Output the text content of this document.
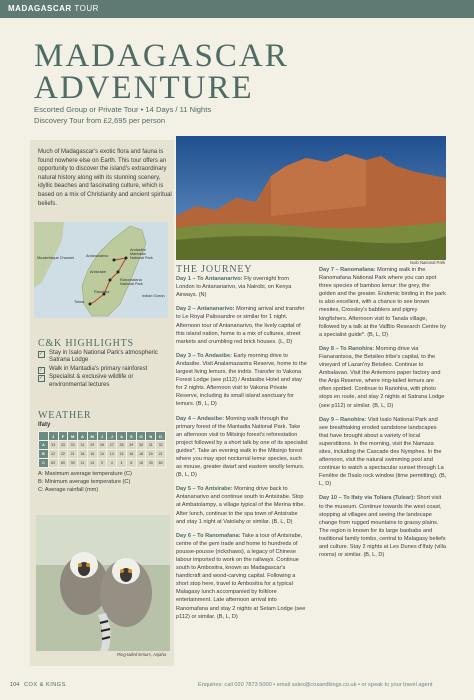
MADAGASCAR TOUR
MADAGASCAR
ADVENTURE
Escorted Group or Private Tour • 14 Days / 11 Nights
Discovery Tour from £2,695 per person
Much of Madagascar's exotic flora and fauna is found nowhere else on Earth. This tour offers an opportunity to discover the island's extraordinary natural history along with its stunning scenery, idyllic beaches and fascinating culture, which is based on a mix of Christianity and ancient spiritual beliefs.
Mozambique Channel
Indian Ocean
Antananarivo
Andasibe Mantadia National Park
Antsirabe
Ranomafana National Park
Ranohira
Tulear
C&K HIGHLIGHTS
✓ Stay in Isalo National Park's atmospheric Satrana Lodge
✓ Walk in Mantadia's primary rainforest
✓ Specialist & exclusive wildlife or environmental lectures
WEATHER
Ifaty
	J	F	M	A	M	J	J	A	S	O	N	D
A	33	33	33	31	29	28	27	28	29	30	31	32
B	22	22	21	18	16	14	14	15	16	18	20	21
C	83	89	39	11	14	9	4	4	8	16	30	60
A: Maximum average temperature (C)
B: Minimum average temperature (C)
C: Average rainfall (mm)
Ring-tailed lemurs, Anjaha
Isalo National Park
THE JOURNEY
Day 1 – To Antananarivo: Fly overnight from London to Antananarivo, via Nairobi, on Kenya Airways. (N)
Day 2 – Antananarivo: Morning arrival and transfer to Le Royal Palissandre or similar for 1 night. Afternoon tour of Antananarivo, the lively capital of this island nation, home to a mix of cultures, street markets and crumbling red brick houses. (L, D)
Day 3 – To Andasibe: Early morning drive to Andasibe. Visit Analamazaotra Reserve, home to the largest living lemurs, the indris. Transfer to Vakona Forest Lodge (see p112) / Andasibe Hotel and stay for 2 nights. Afternoon visit to Vakona Private Reserve, including its small island sanctuary for lemurs. (B, L, D)
Day 4 – Andasibe: Morning walk through the primary forest of the Mantadia National Park. Take an afternoon visit to Mitsinjo forest's reforestation project followed by a short talk by one of its specialist guides*. Take an evening walk in the Mitsinjo forest where you may spot nocturnal lemur species, such as mouse, greater dwarf and eastern woolly lemurs. (B, L, D)
Day 5 – To Antsirabe: Morning drive back to Antananarivo and continue south to Antsirabe. Stop at Ambatolampy, a village typical of the Merina tribe. After lunch, continue to the spa town of Antsirabe and stay 1 night at Vatolahy or similar. (B, L, D)
Day 6 – To Ranomafana: Take a tour of Antsirabe, centre of the gem trade and home to hundreds of pousse-pousse (rickshaws), a legacy of Chinese labour imported to work on the railways. Continue south to Ambositra, known as Madagascar's handicraft and wood-carving capital. Following a short stop here, travel to Ambositra for a typical Malagasy lunch accompanied by folklore entertainment. Late afternoon arrival into Ranomafana and stay 2 nights at Setam Lodge (see p112) or similar. (B, L, D)
Day 7 – Ranomafana: Morning walk in the Ranomafana National Park where you can spot three species of bamboo lemur: the grey, the golden and the greater. Endemic birding in the park is also excellent, with a chance to see brown mesites, Crossley's babblers and pigmy kingfishers. Afternoon visit to Tanala village, followed by a talk at the ValBio Research Centre by a specialist guide*. (B, L, D)
Day 8 – To Ranohira: Morning drive via Fianarantsoa, the Betsileo tribe's capital, to the vineyard of Lazan'ny Betsileo. Continue to Ambalavao. Visit the Antemoro paper factory and the Anja Reserve, where ring-tailed lemurs are often spotted. Continue to Ranohira, with photo stops en route, and stay 2 nights at Satrana Lodge (see p112) or similar. (B, L, D)
Day 9 – Ranohira: Visit Isalo National Park and see breathtaking eroded sandstone landscapes that have brought about a variety of local superstitions. In the morning, visit the Namaza sites, including the Cascade des Nymphes. In the afternoon, visit the natural swimming pool and continue to watch a spectacular sunset through La Fenêtre de l'Isalo rock window (time permitting). (B, L, D)
Day 10 – To Ifaty via Toliara (Tulear): Short visit to the museum. Continue towards the west coast, stopping at villages and seeing the landscape change from rugged mountains to grassy plains. The region is known for its large baobabs and traditional family tombs, central to Malagasy beliefs and culture. Stay 2 nights at Les Dunes d'Ifaty (villa rooms) or similar. (B, L, D)
104 COX & KINGS	Enquiries: call 020 7873 5000 • email sales@coxandkings.co.uk • or speak to your travel agent
